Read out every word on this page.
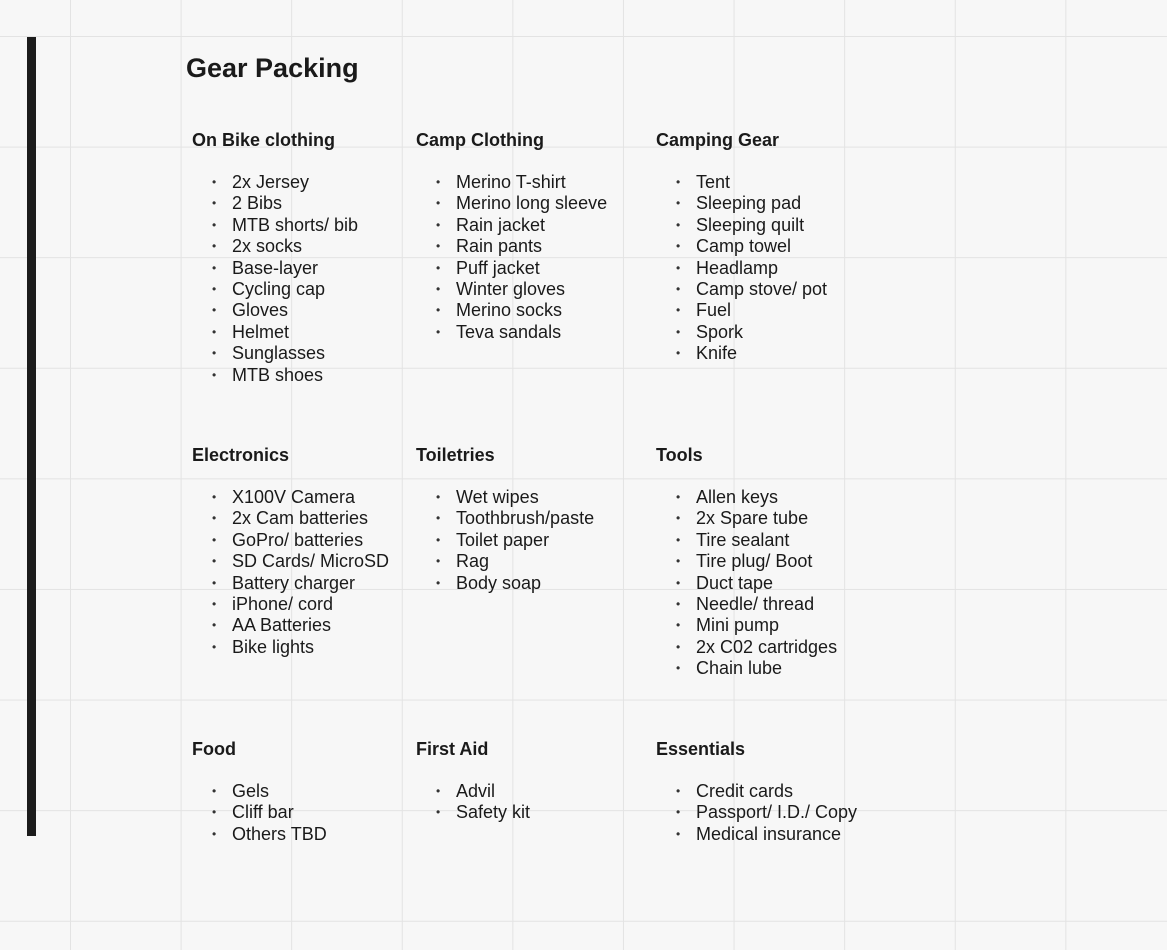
Gear Packing
On Bike clothing
• 2x Jersey
• 2 Bibs
• MTB shorts/ bib
• 2x socks
• Base-layer
• Cycling cap
• Gloves
• Helmet
• Sunglasses
• MTB shoes
Camp Clothing
• Merino T-shirt
• Merino long sleeve
• Rain jacket
• Rain pants
• Puff jacket
• Winter gloves
• Merino socks
• Teva sandals
Camping Gear
• Tent
• Sleeping pad
• Sleeping quilt
• Camp towel
• Headlamp
• Camp stove/ pot
• Fuel
• Spork
• Knife
Electronics
• X100V Camera
• 2x Cam batteries
• GoPro/ batteries
• SD Cards/ MicroSD
• Battery charger
• iPhone/ cord
• AA Batteries
• Bike lights
Toiletries
• Wet wipes
• Toothbrush/paste
• Toilet paper
• Rag
• Body soap
Tools
• Allen keys
• 2x Spare tube
• Tire sealant
• Tire plug/ Boot
• Duct tape
• Needle/ thread
• Mini pump
• 2x C02 cartridges
• Chain lube
Food
• Gels
• Cliff bar
• Others TBD
First Aid
• Advil
• Safety kit
Essentials
• Credit cards
• Passport/ I.D./ Copy
• Medical insurance
